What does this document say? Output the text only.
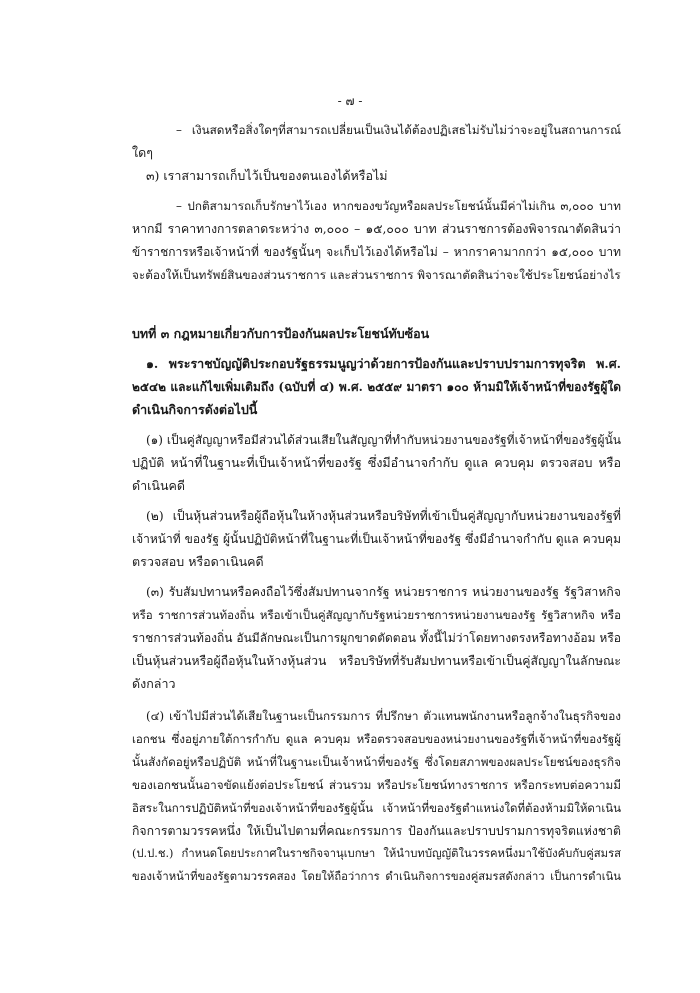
- ๗ -
– เงินสดหรือสิ่งใดๆที่สามารถเปลี่ยนเป็นเงินได้ต้องปฏิเสธไม่รับไม่ว่าจะอยู่ในสถานการณ์
ใดๆ
๓) เราสามารถเก็บไว้เป็นของตนเองได้หรือไม่
– ปกติสามารถเก็บรักษาไว้เอง หากของขวัญหรือผลประโยชน์นั้นมีค่าไม่เกิน ๓,๐๐๐ บาท
หากมี ราคาทางการตลาดระหว่าง ๓,๐๐๐ – ๑๕,๐๐๐ บาท ส่วนราชการต้องพิจารณาตัดสินว่า
ข้าราชการหรือเจ้าหน้าที่ ของรัฐนั้นๆ จะเก็บไว้เองได้หรือไม่ – หากราคามากกว่า ๑๕,๐๐๐ บาท
จะต้องให้เป็นทรัพย์สินของส่วนราชการ และส่วนราชการ พิจารณาตัดสินว่าจะใช้ประโยชน์อย่างไร
บทที่ ๓ กฎหมายเกี่ยวกับการป้องกันผลประโยชน์ทับซ้อน
๑. พระราชบัญญัติประกอบรัฐธรรมนูญว่าด้วยการป้องกันและปราบปรามการทุจริต พ.ศ.
๒๕๔๒ และแก้ไขเพิ่มเติมถึง (ฉบับที่ ๔) พ.ศ. ๒๕๕๙ มาตรา ๑๐๐ ห้ามมิให้เจ้าหน้าที่ของรัฐผู้ใด
ดำเนินกิจการดังต่อไปนี้
(๑) เป็นคู่สัญญาหรือมีส่วนได้ส่วนเสียในสัญญาที่ทำกับหน่วยงานของรัฐที่เจ้าหน้าที่ของรัฐผู้นั้น
ปฏิบัติ หน้าที่ในฐานะที่เป็นเจ้าหน้าที่ของรัฐ ซึ่งมีอำนาจกำกับ ดูแล ควบคุม ตรวจสอบ หรือ
ดำเนินคดี
(๒) เป็นหุ้นส่วนหรือผู้ถือหุ้นในห้างหุ้นส่วนหรือบริษัทที่เข้าเป็นคู่สัญญากับหน่วยงานของรัฐที่
เจ้าหน้าที่ ของรัฐ ผู้นั้นปฏิบัติหน้าที่ในฐานะที่เป็นเจ้าหน้าที่ของรัฐ ซึ่งมีอำนาจกำกับ ดูแล ควบคุม
ตรวจสอบ หรือดาเนินคดี
(๓) รับสัมปทานหรือคงถือไว้ซึ่งสัมปทานจากรัฐ หน่วยราชการ หน่วยงานของรัฐ รัฐวิสาหกิจ
หรือ ราชการส่วนท้องถิ่น หรือเข้าเป็นคู่สัญญากับรัฐหน่วยราชการหน่วยงานของรัฐ รัฐวิสาหกิจ หรือ
ราชการส่วนท้องถิ่น อันมีลักษณะเป็นการผูกขาดตัดตอน ทั้งนี้ไม่ว่าโดยทางตรงหรือทางอ้อม หรือ
เป็นหุ้นส่วนหรือผู้ถือหุ้นในห้างหุ้นส่วน หรือบริษัทที่รับสัมปทานหรือเข้าเป็นคู่สัญญาในลักษณะ
ดังกล่าว
(๔) เข้าไปมีส่วนได้เสียในฐานะเป็นกรรมการ ที่ปรึกษา ตัวแทนพนักงานหรือลูกจ้างในธุรกิจของ
เอกชน ซึ่งอยู่ภายใต้การกำกับ ดูแล ควบคุม หรือตรวจสอบของหน่วยงานของรัฐที่เจ้าหน้าที่ของรัฐผู้
นั้นสังกัดอยู่หรือปฏิบัติ หน้าที่ในฐานะเป็นเจ้าหน้าที่ของรัฐ ซึ่งโดยสภาพของผลประโยชน์ของธุรกิจ
ของเอกชนนั้นอาจขัดแย้งต่อประโยชน์ ส่วนรวม หรือประโยชน์ทางราชการ หรือกระทบต่อความมี
อิสระในการปฏิบัติหน้าที่ของเจ้าหน้าที่ของรัฐผู้นั้น เจ้าหน้าที่ของรัฐตำแหน่งใดที่ต้องห้ามมิให้ดาเนิน
กิจการตามวรรคหนึ่ง ให้เป็นไปตามที่คณะกรรมการ ป้องกันและปราบปรามการทุจริตแห่งชาติ
(ป.ป.ช.) กำหนดโดยประกาศในราชกิจจานุเบกษา ให้นำบทบัญญัติในวรรคหนึ่งมาใช้บังคับกับคู่สมรส
ของเจ้าหน้าที่ของรัฐตามวรรคสอง โดยให้ถือว่าการ ดำเนินกิจการของคู่สมรสดังกล่าว เป็นการดำเนิน
